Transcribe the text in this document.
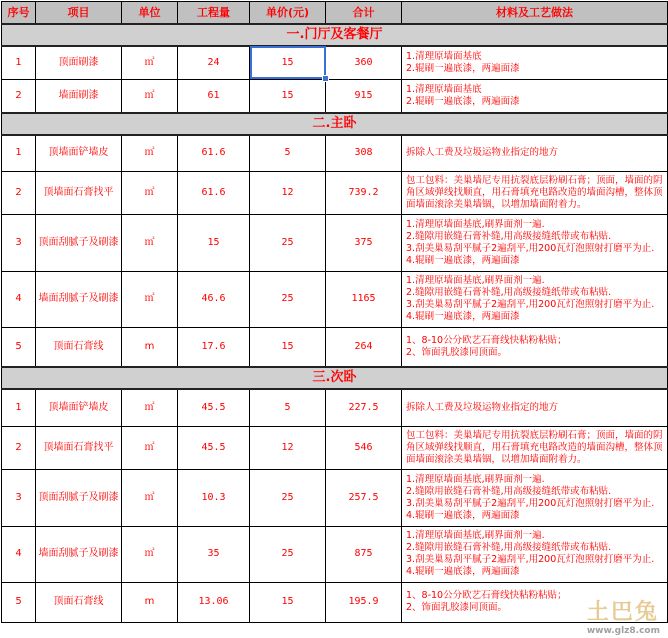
序号	项目	单位	工程量	单价(元)	合计	材料及工艺做法
一.门厅及客餐厅						
1	顶面刷漆	㎡	24	15	360	1.清理原墙面基底
2.辊刷一遍底漆，两遍面漆

2	墙面刷漆	㎡	61	15	915	1.清理原墙面基底
2.辊刷一遍底漆，两遍面漆

二.主卧						
1	顶墙面铲墙皮	㎡	61.6	5	308	拆除人工费及垃圾运物业指定的地方

2	顶墙面石膏找平	㎡	61.6	12	739.2	包工包料：美巢墙尼专用抗裂底层粉刷石膏；顶面，墙面的阴角区域弹线找顺直，用石膏填充电路改造的墙面沟槽，整体顶面墙面滚涂美巢墙锢，以增加墙面附着力。

3	顶面刮腻子及刷漆	㎡	15	25	375	1.清理原墙面基底,刷界面剂一遍.
2.缝隙用嵌缝石膏补缝,用高级接缝纸带或布粘贴.
3.刮美巢易刮平腻子2遍刮平,用200瓦灯泡照射打磨平为止. 4.辊刷一遍底漆，两遍面漆

4	墙面刮腻子及刷漆	㎡	46.6	25	1165	1.清理原墙面基底,刷界面剂一遍.
2.缝隙用嵌缝石膏补缝,用高级接缝纸带或布粘贴.
3.刮美巢易刮平腻子2遍刮平,用200瓦灯泡照射打磨平为止. 4.辊刷一遍底漆，两遍面漆

5	顶面石膏线	m	17.6	15	264	1、8-10公分欧艺石膏线快粘粉粘贴；
2、饰面乳胶漆同顶面。

三.次卧						
1	顶墙面铲墙皮	㎡	45.5	5	227.5	拆除人工费及垃圾运物业指定的地方

2	顶墙面石膏找平	㎡	45.5	12	546	包工包料：美巢墙尼专用抗裂底层粉刷石膏；顶面，墙面的阴角区域弹线找顺直，用石膏填充电路改造的墙面沟槽，整体顶面墙面滚涂美巢墙锢，以增加墙面附着力。

3	顶面刮腻子及刷漆	㎡	10.3	25	257.5	1.清理原墙面基底,刷界面剂一遍.
2.缝隙用嵌缝石膏补缝,用高级接缝纸带或布粘贴.
3.刮美巢易刮平腻子2遍刮平,用200瓦灯泡照射打磨平为止. 4.辊刷一遍底漆，两遍面漆

4	墙面刮腻子及刷漆	㎡	35	25	875	1.清理原墙面基底,刷界面剂一遍.
2.缝隙用嵌缝石膏补缝,用高级接缝纸带或布粘贴.
3.刮美巢易刮平腻子2遍刮平,用200瓦灯泡照射打磨平为止. 4.辊刷一遍底漆，两遍面漆

5	顶面石膏线	m	13.06	15	195.9	1、8-10公分欧艺石膏线快粘粉粘贴；
2、饰面乳胶漆同顶面。	土巴兔
www.glz8.com
